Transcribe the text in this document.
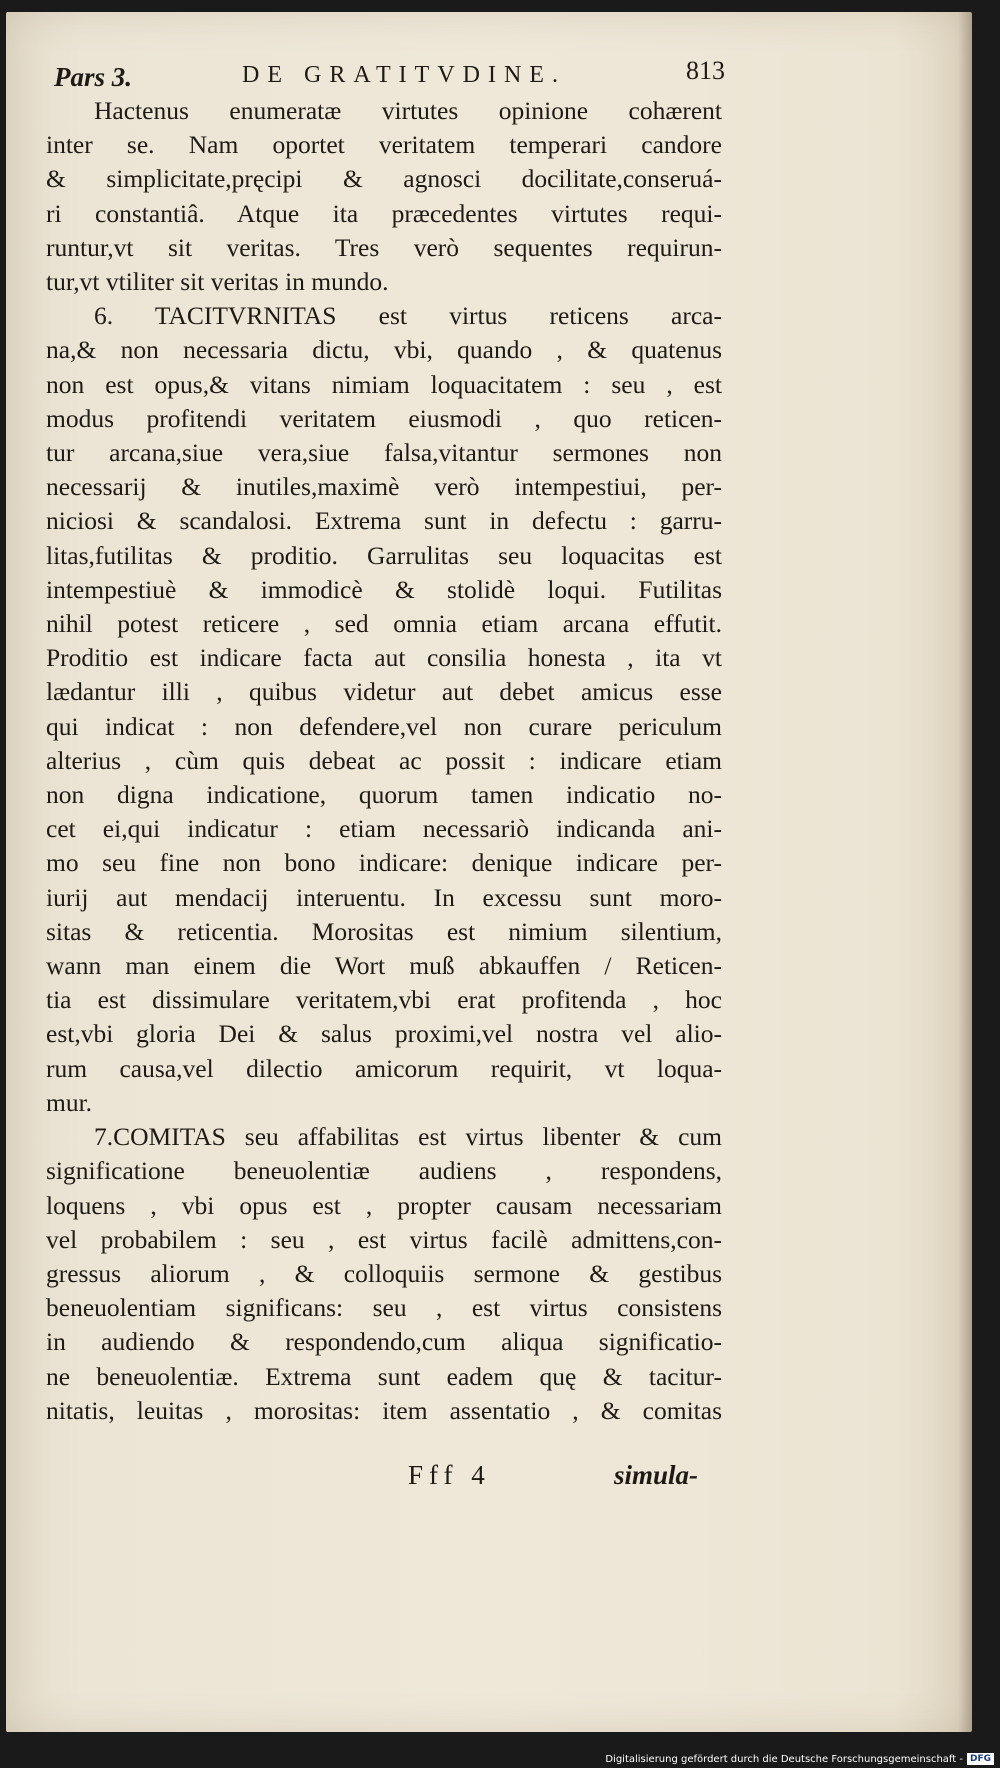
Pars 3.	DE GRATITVDINE.	813
Hactenus enumeratæ virtutes opinione cohærent
inter se. Nam oportet veritatem temperari candore
& simplicitate,pręcipi & agnosci docilitate,conseruá-
ri constantiâ. Atque ita præcedentes virtutes requi-
runtur,vt sit veritas. Tres verò sequentes requirun-
tur,vt vtiliter sit veritas in mundo.
6. TACITVRNITAS est virtus reticens arca-
na,& non necessaria dictu, vbi, quando , & quatenus
non est opus,& vitans nimiam loquacitatem : seu , est
modus profitendi veritatem eiusmodi , quo reticen-
tur arcana,siue vera,siue falsa,vitantur sermones non
necessarij & inutiles,maximè verò intempestiui, per-
niciosi & scandalosi. Extrema sunt in defectu : garru-
litas,futilitas & proditio. Garrulitas seu loquacitas est
intempestiuè & immodicè & stolidè loqui. Futilitas
nihil potest reticere , sed omnia etiam arcana effutit.
Proditio est indicare facta aut consilia honesta , ita vt
lædantur illi , quibus videtur aut debet amicus esse
qui indicat : non defendere,vel non curare periculum
alterius , cùm quis debeat ac possit : indicare etiam
non digna indicatione, quorum tamen indicatio no-
cet ei,qui indicatur : etiam necessariò indicanda ani-
mo seu fine non bono indicare: denique indicare per-
iurij aut mendacij interuentu. In excessu sunt moro-
sitas & reticentia. Morositas est nimium silentium,
wann man einem die Wort muß abkauffen / Reticen-
tia est dissimulare veritatem,vbi erat profitenda , hoc
est,vbi gloria Dei & salus proximi,vel nostra vel alio-
rum causa,vel dilectio amicorum requirit, vt loqua-
mur.
7.COMITAS seu affabilitas est virtus libenter & cum
significatione beneuolentiæ audiens , respondens,
loquens , vbi opus est , propter causam necessariam
vel probabilem : seu , est virtus facilè admittens,con-
gressus aliorum , & colloquiis sermone & gestibus
beneuolentiam significans: seu , est virtus consistens
in audiendo & respondendo,cum aliqua significatio-
ne beneuolentiæ. Extrema sunt eadem quę & tacitur-
nitatis, leuitas , morositas: item assentatio , & comitas
Fff 4	simula-
Digitalisierung gefördert durch die Deutsche Forschungsgemeinschaft - DFG
